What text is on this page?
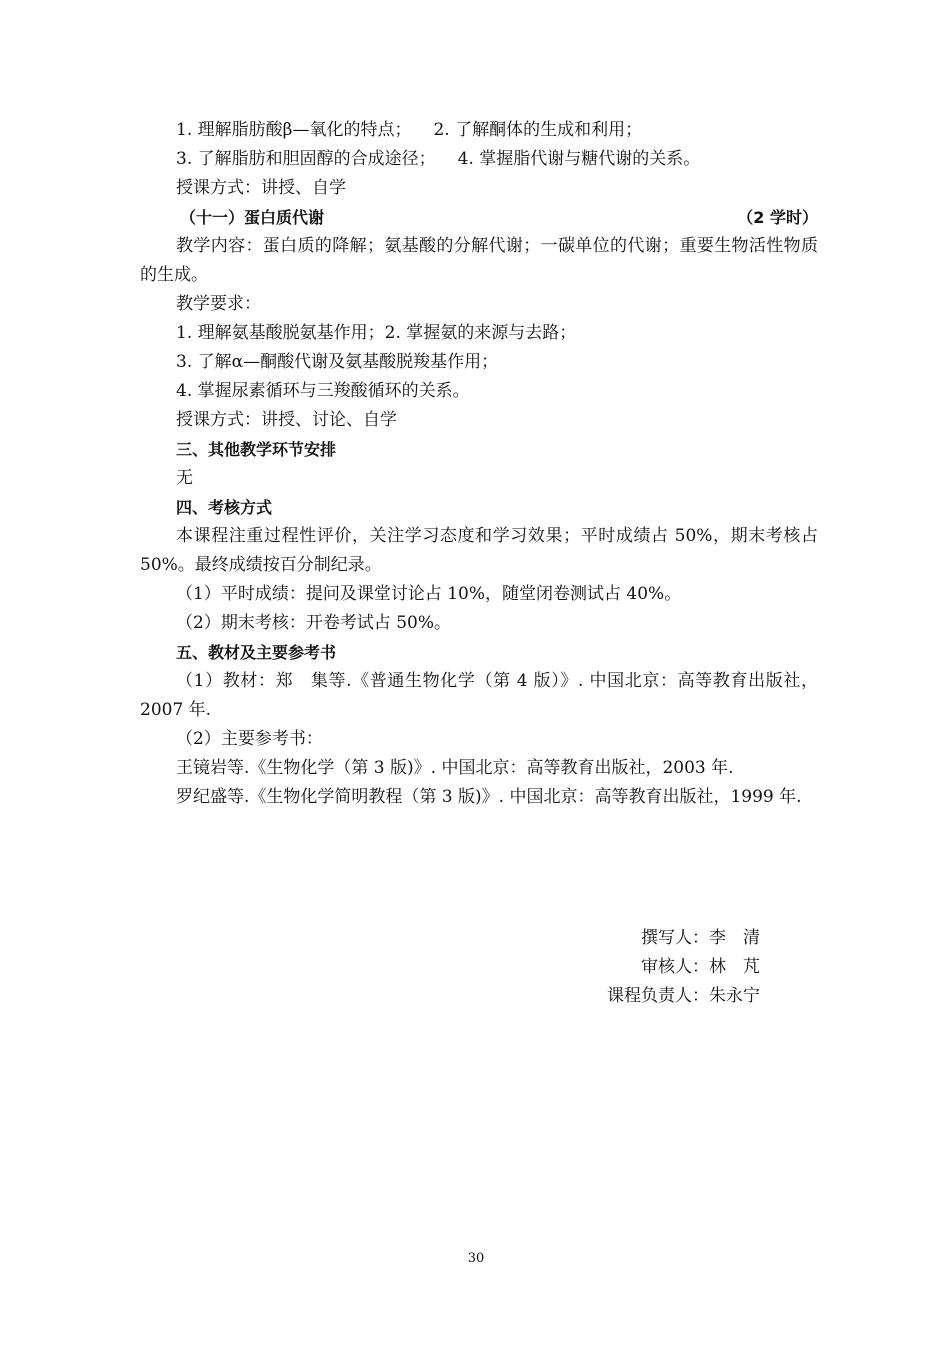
1. 理解脂肪酸β—氧化的特点； 2. 了解酮体的生成和利用；

3. 了解脂肪和胆固醇的合成途径； 4. 掌握脂代谢与糖代谢的关系。

授课方式：讲授、自学

（十一）蛋白质代谢	（2 学时）

教学内容：蛋白质的降解；氨基酸的分解代谢；一碳单位的代谢；重要生物活性物质的生成。

教学要求：

1. 理解氨基酸脱氨基作用；2. 掌握氨的来源与去路；

3. 了解α—酮酸代谢及氨基酸脱羧基作用；

4. 掌握尿素循环与三羧酸循环的关系。

授课方式：讲授、讨论、自学

三、其他教学环节安排

无

四、考核方式

本课程注重过程性评价，关注学习态度和学习效果；平时成绩占 50%，期末考核占 50%。最终成绩按百分制纪录。

（1）平时成绩：提问及课堂讨论占 10%，随堂闭卷测试占 40%。

（2）期末考核：开卷考试占 50%。

五、教材及主要参考书

（1）教材：郑　集等.《普通生物化学（第 4 版）》. 中国北京：高等教育出版社，2007 年.

（2）主要参考书：

王镜岩等.《生物化学（第 3 版)》. 中国北京：高等教育出版社，2003 年.

罗纪盛等.《生物化学简明教程（第 3 版)》. 中国北京：高等教育出版社，1999 年.

撰写人：李　清

审核人：林　芃

课程负责人：朱永宁

30
